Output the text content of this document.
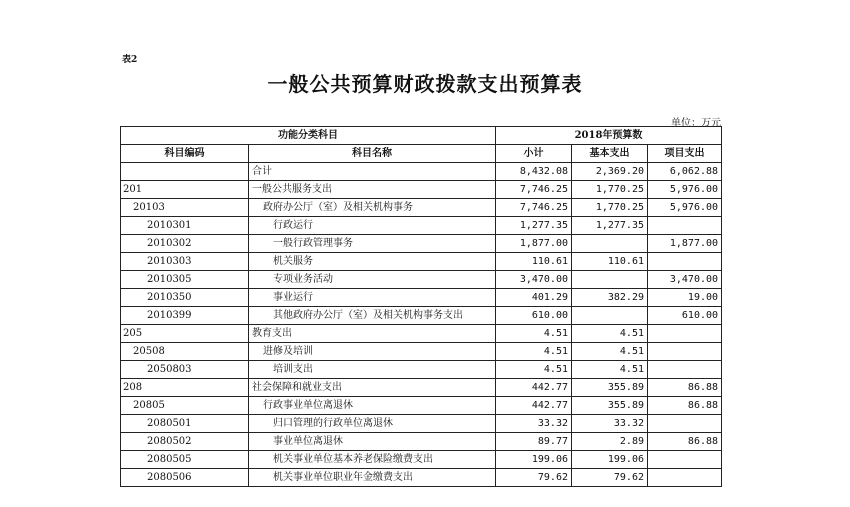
表2
一般公共预算财政拨款支出预算表
单位：万元
功能分类科目		2018年预算数		
科目编码	科目名称	小计	基本支出	项目支出
	合计	8,432.08	2,369.20	6,062.88
201	一般公共服务支出	7,746.25	1,770.25	5,976.00
20103	政府办公厅（室）及相关机构事务	7,746.25	1,770.25	5,976.00
2010301	行政运行	1,277.35	1,277.35	
2010302	一般行政管理事务	1,877.00		1,877.00
2010303	机关服务	110.61	110.61	
2010305	专项业务活动	3,470.00		3,470.00
2010350	事业运行	401.29	382.29	19.00
2010399	其他政府办公厅（室）及相关机构事务支出	610.00		610.00
205	教育支出	4.51	4.51	
20508	进修及培训	4.51	4.51	
2050803	培训支出	4.51	4.51	
208	社会保障和就业支出	442.77	355.89	86.88
20805	行政事业单位离退休	442.77	355.89	86.88
2080501	归口管理的行政单位离退休	33.32	33.32	
2080502	事业单位离退休	89.77	2.89	86.88
2080505	机关事业单位基本养老保险缴费支出	199.06	199.06	
2080506	机关事业单位职业年金缴费支出	79.62	79.62	
